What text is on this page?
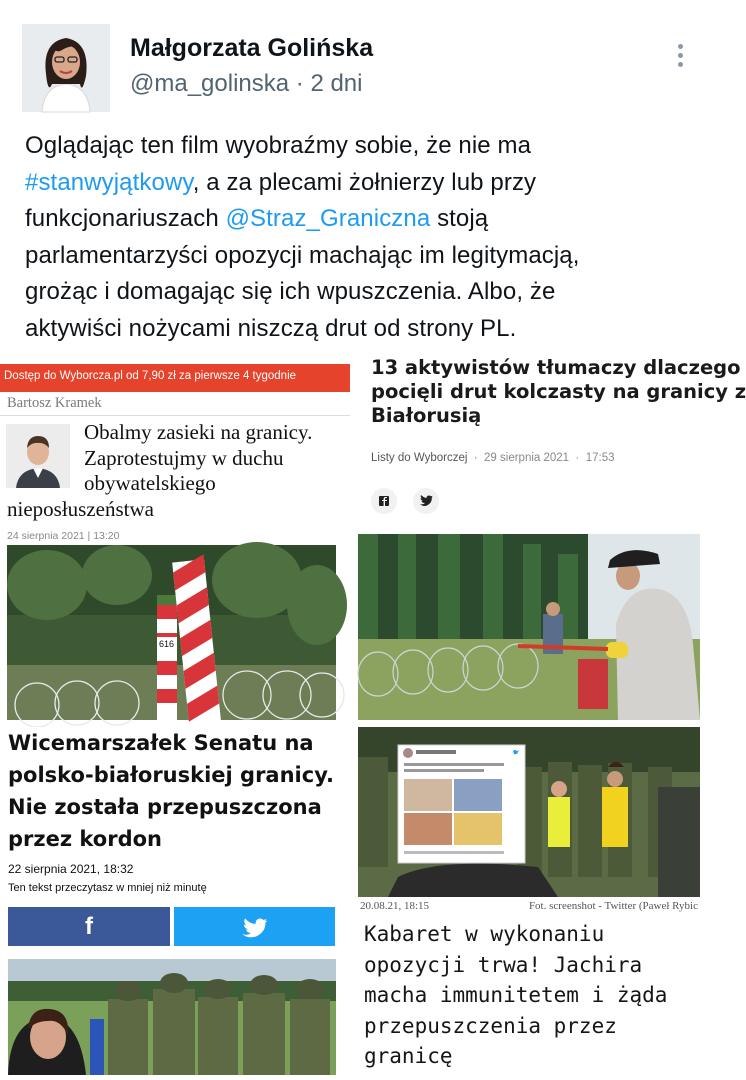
Małgorzata Golińska
@ma_golinska · 2 dni
Oglądając ten film wyobraźmy sobie, że nie ma
#stanwyjątkowy, a za plecami żołnierzy lub przy
funkcjonariuszach @Straz_Graniczna stoją
parlamentarzyści opozycji machając im legitymacją,
grożąc i domagając się ich wpuszczenia. Albo, że
aktywiści nożycami niszczą drut od strony PL.
Dostęp do Wyborcza.pl od 7,90 zł za pierwsze 4 tygodnie
Bartosz Kramek
Obalmy zasieki na granicy.
Zaprotestujmy w duchu
obywatelskiego
nieposłuszeństwa
24 sierpnia 2021 | 13:20
616
13 aktywistów tłumaczy dlaczego
pocięli drut kolczasty na granicy z
Białorusią
Listy do Wyborczej · 29 sierpnia 2021 · 17:53
Wicemarszałek Senatu na
polsko-białoruskiej granicy.
Nie została przepuszczona
przez kordon
22 sierpnia 2021, 18:32
Ten tekst przeczytasz w mniej niż minutę
f
20.08.21, 18:15	Fot. screenshot - Twitter (Paweł Rybic
Kabaret w wykonaniu
opozycji trwa! Jachira
macha immunitetem i żąda
przepuszczenia przez
granicę
